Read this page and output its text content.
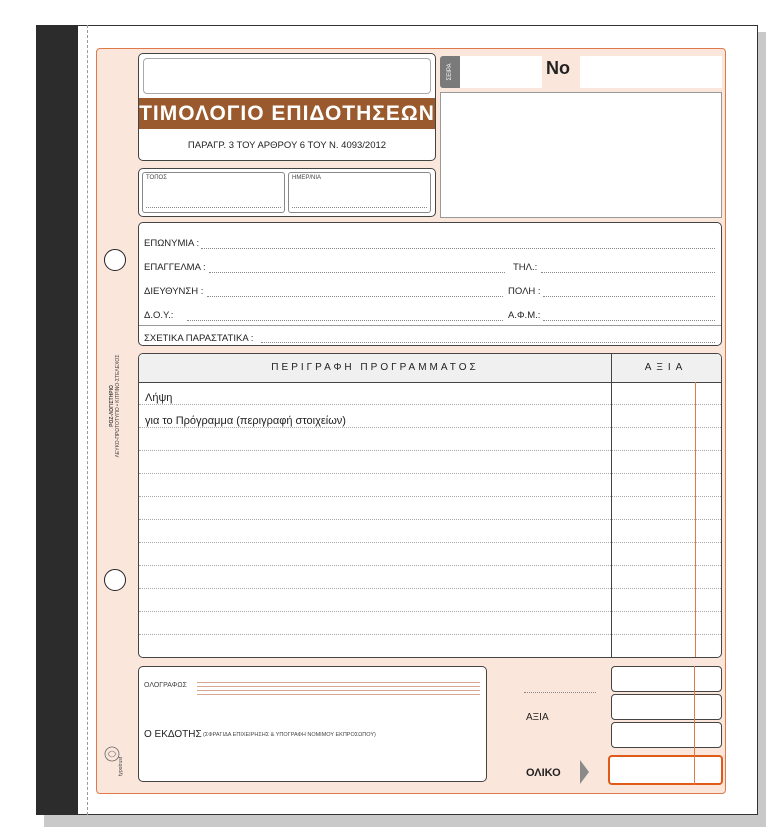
ΡΟΖ-ΛΟΓΙΣΤΗΡΙΟ ΛΕΥΚΟ-ΠΡΩΤΟΤΥΠΟ • ΚΙΤΡΙΝΟ-ΣΤΕΛΕΧΟΣ
typotrust
ΤΙΜΟΛΟΓΙΟ ΕΠΙΔΟΤΗΣΕΩΝ
ΠΑΡΑΓΡ. 3 ΤΟΥ ΑΡΘΡΟΥ 6 ΤΟΥ Ν. 4093/2012
ΣΕΙΡΑ	No
ΤΟΠΟΣ	ΗΜΕΡ/ΝΙΑ
ΕΠΩΝΥΜΙΑ :
ΕΠΑΓΓΕΛΜΑ :	ΤΗΛ.:
ΔΙΕΥΘΥΝΣΗ :	ΠΟΛΗ :
Δ.Ο.Υ.:	Α.Φ.Μ.:
ΣΧΕΤΙΚΑ ΠΑΡΑΣΤΑΤΙΚΑ :
ΠΕΡΙΓΡΑΦΗ ΠΡΟΓΡΑΜΜΑΤΟΣ	ΑΞΙΑ
Λήψη
για το Πρόγραμμα (περιγραφή στοιχείων)
ΟΛΟΓΡΑΦΩΣ
Ο ΕΚΔΟΤΗΣ (ΣΦΡΑΓΙΔΑ ΕΠΙΧΕΙΡΗΣΗΣ & ΥΠΟΓΡΑΦΗ ΝΟΜΙΜΟΥ ΕΚΠΡΟΣΩΠΟΥ)
ΑΞΙΑ
ΟΛΙΚΟ
